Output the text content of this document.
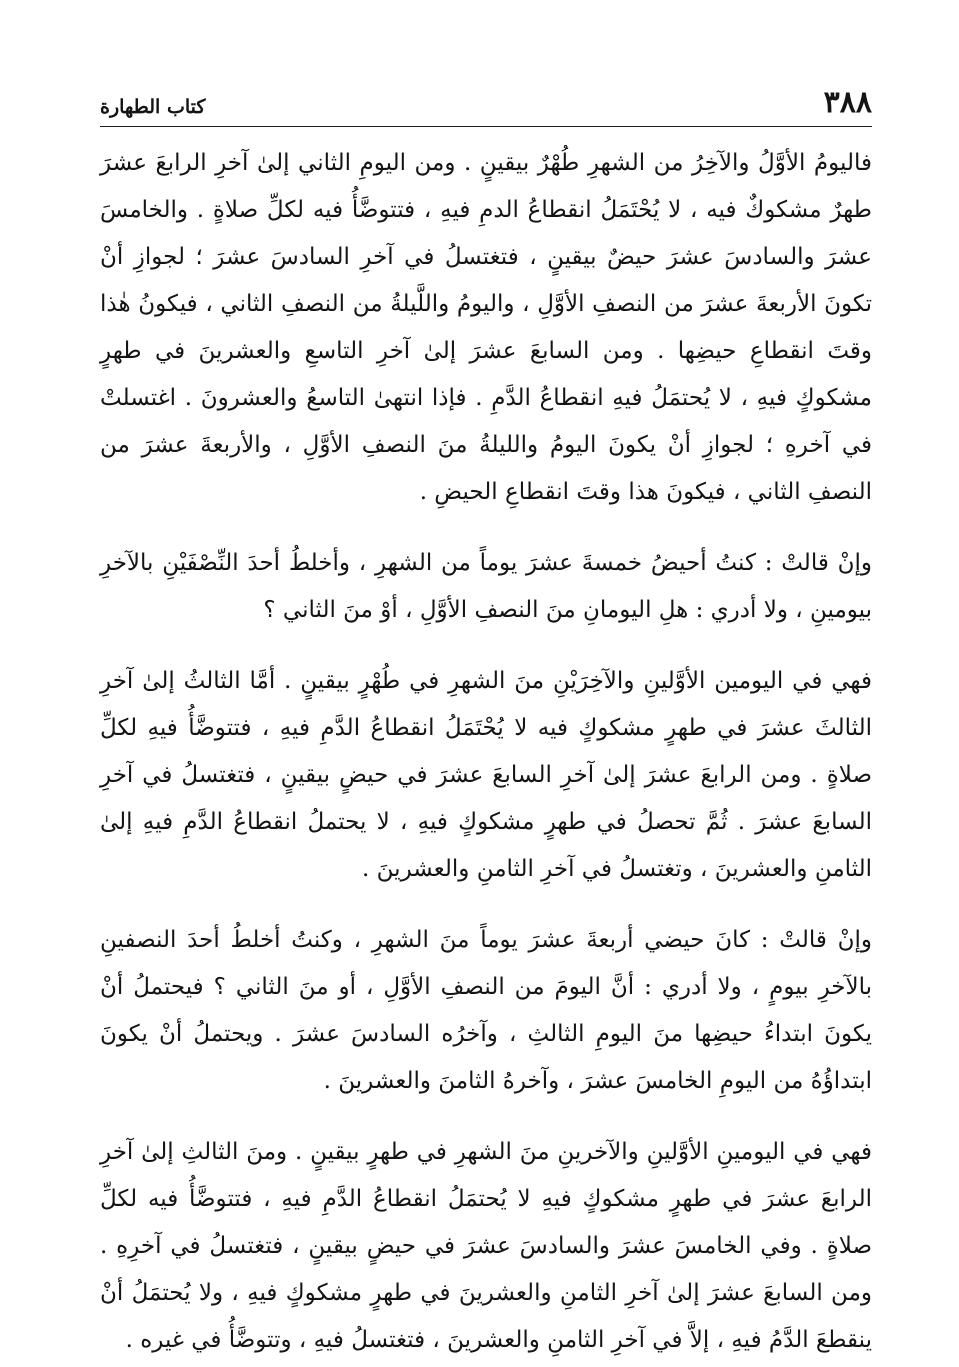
٣٨٨
كتاب الطهارة

فاليومُ الأوَّلُ والآخِرُ من الشهرِ طُهْرٌ بيقينٍ . ومن اليومِ الثاني إلىٰ آخرِ الرابعَ عشرَ طهرٌ مشكوكٌ فيه ، لا يُحْتَمَلُ انقطاعُ الدمِ فيهِ ، فتتوضَّأُ فيه لكلِّ صلاةٍ . والخامسَ عشرَ والسادسَ عشرَ حيضٌ بيقينٍ ، فتغتسلُ في آخرِ السادسَ عشرَ ؛ لجوازِ أنْ تكونَ الأربعةَ عشرَ من النصفِ الأوَّلِ ، واليومُ واللَّيلةُ من النصفِ الثاني ، فيكونُ هٰذا وقتَ انقطاعِ حيضِها . ومن السابعَ عشرَ إلىٰ آخرِ التاسعِ والعشرينَ في طهرٍ مشكوكٍ فيهِ ، لا يُحتمَلُ فيهِ انقطاعُ الدَّمِ . فإذا انتهىٰ التاسعُ والعشرونَ . اغتسلتْ في آخرهِ ؛ لجوازِ أنْ يكونَ اليومُ والليلةُ منَ النصفِ الأوَّلِ ، والأربعةَ عشرَ من النصفِ الثاني ، فيكونَ هذا وقتَ انقطاعِ الحيضِ .

وإنْ قالتْ : كنتُ أحيضُ خمسةَ عشرَ يوماً من الشهرِ ، وأخلطُ أحدَ النِّصْفَيْنِ بالآخرِ بيومينِ ، ولا أدري : هلِ اليومانِ منَ النصفِ الأوَّلِ ، أوْ منَ الثاني ؟

فهي في اليومين الأوَّلينِ والآخِرَيْنِ منَ الشهرِ في طُهْرٍ بيقينٍ . أمَّا الثالثُ إلىٰ آخرِ الثالثَ عشرَ في طهرٍ مشكوكٍ فيه لا يُحْتَمَلُ انقطاعُ الدَّمِ فيهِ ، فتتوضَّأُ فيهِ لكلِّ صلاةٍ . ومن الرابعَ عشرَ إلىٰ آخرِ السابعَ عشرَ في حيضٍ بيقينٍ ، فتغتسلُ في آخرِ السابعَ عشرَ . ثُمَّ تحصلُ في طهرٍ مشكوكٍ فيهِ ، لا يحتملُ انقطاعُ الدَّمِ فيهِ إلىٰ الثامنِ والعشرينَ ، وتغتسلُ في آخرِ الثامنِ والعشرينَ .

وإنْ قالتْ : كانَ حيضي أربعةَ عشرَ يوماً منَ الشهرِ ، وكنتُ أخلطُ أحدَ النصفينِ بالآخرِ بيومٍ ، ولا أدري : أنَّ اليومَ من النصفِ الأوَّلِ ، أو منَ الثاني ؟ فيحتملُ أنْ يكونَ ابتداءُ حيضِها منَ اليومِ الثالثِ ، وآخرُه السادسَ عشرَ . ويحتملُ أنْ يكونَ ابتداؤُهُ من اليومِ الخامسَ عشرَ ، وآخرهُ الثامنَ والعشرينَ .

فهي في اليومينِ الأوَّلينِ والآخرينِ منَ الشهرِ في طهرٍ بيقينٍ . ومنَ الثالثِ إلىٰ آخرِ الرابعَ عشرَ في طهرٍ مشكوكٍ فيهِ لا يُحتمَلُ انقطاعُ الدَّمِ فيهِ ، فتتوضَّأُ فيه لكلِّ صلاةٍ . وفي الخامسَ عشرَ والسادسَ عشرَ في حيضٍ بيقينٍ ، فتغتسلُ في آخرِهِ . ومن السابعَ عشرَ إلىٰ آخرِ الثامنِ والعشرينَ في طهرٍ مشكوكٍ فيهِ ، ولا يُحتمَلُ أنْ ينقطعَ الدَّمُ فيهِ ، إلاَّ في آخرِ الثامنِ والعشرينَ ، فتغتسلُ فيهِ ، وتتوضَّأُ في غيره .
